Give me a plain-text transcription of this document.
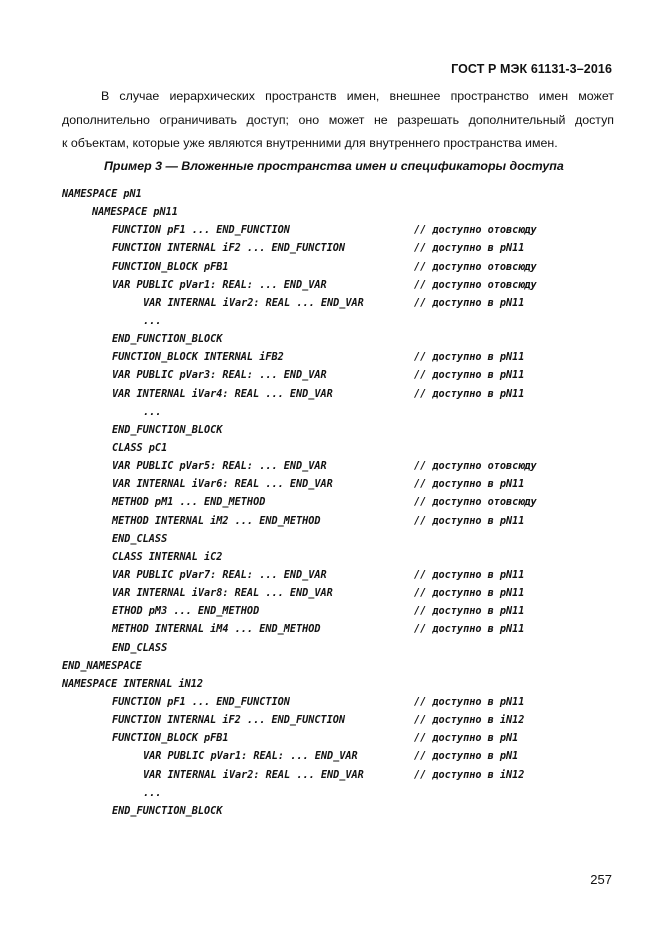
ГОСТ Р МЭК 61131-3–2016

В случае иерархических пространств имен, внешнее пространство имен может
дополнительно ограничивать доступ; оно может не разрешать дополнительный доступ
к объектам, которые уже являются внутренними для внутреннего пространства имен.

Пример 3 — Вложенные пространства имен и спецификаторы доступа
NAMESPACE pN1
NAMESPACE pN11
FUNCTION pF1 ... END_FUNCTION	// доступно отовсюду
FUNCTION INTERNAL iF2 ... END_FUNCTION	// доступно в pN11
FUNCTION_BLOCK pFB1	// доступно отовсюду
VAR PUBLIC pVar1: REAL: ... END_VAR	// доступно отовсюду
VAR INTERNAL iVar2: REAL ... END_VAR	// доступно в pN11
...
END_FUNCTION_BLOCK
FUNCTION_BLOCK INTERNAL iFB2	// доступно в pN11
VAR PUBLIC pVar3: REAL: ... END_VAR	// доступно в pN11
VAR INTERNAL iVar4: REAL ... END_VAR	// доступно в pN11
...
END_FUNCTION_BLOCK
CLASS pC1
VAR PUBLIC pVar5: REAL: ... END_VAR	// доступно отовсюду
VAR INTERNAL iVar6: REAL ... END_VAR	// доступно в pN11
METHOD pM1 ... END_METHOD	// доступно отовсюду
METHOD INTERNAL iM2 ... END_METHOD	// доступно в pN11
END_CLASS
CLASS INTERNAL iC2
VAR PUBLIC pVar7: REAL: ... END_VAR	// доступно в pN11
VAR INTERNAL iVar8: REAL ... END_VAR	// доступно в pN11
ETHOD pM3 ... END_METHOD	// доступно в pN11
METHOD INTERNAL iM4 ... END_METHOD	// доступно в pN11
END_CLASS
END_NAMESPACE
NAMESPACE INTERNAL iN12
FUNCTION pF1 ... END_FUNCTION	// доступно в pN11
FUNCTION INTERNAL iF2 ... END_FUNCTION	// доступно в iN12
FUNCTION_BLOCK pFB1	// доступно в pN1
VAR PUBLIC pVar1: REAL: ... END_VAR	// доступно в pN1
VAR INTERNAL iVar2: REAL ... END_VAR	// доступно в iN12
...
END_FUNCTION_BLOCK
257
